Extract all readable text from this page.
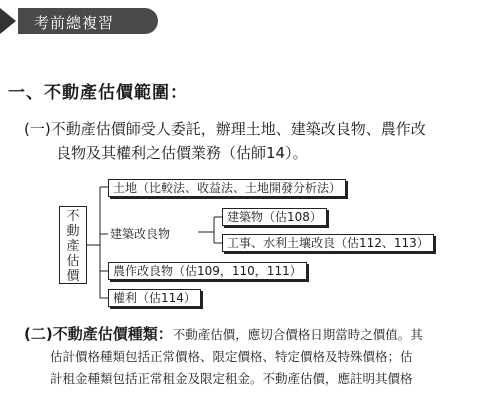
考前總複習
一、不動產估價範圍：
(一)不動產估價師受人委託，辦理土地、建築改良物、農作改
良物及其權利之估價業務（估師14）。
不
動
產
估
價
土地（比較法、收益法、土地開發分析法）
建築改良物
建築物（估108）
工事、水利土壤改良（估112、113）
農作改良物（估109，110，111）
權利（估114）
(二)不動產估價種類：不動產估價，應切合價格日期當時之價值。其
估計價格種類包括正常價格、限定價格、特定價格及特殊價格；估
計租金種類包括正常租金及限定租金。不動產估價，應註明其價格
